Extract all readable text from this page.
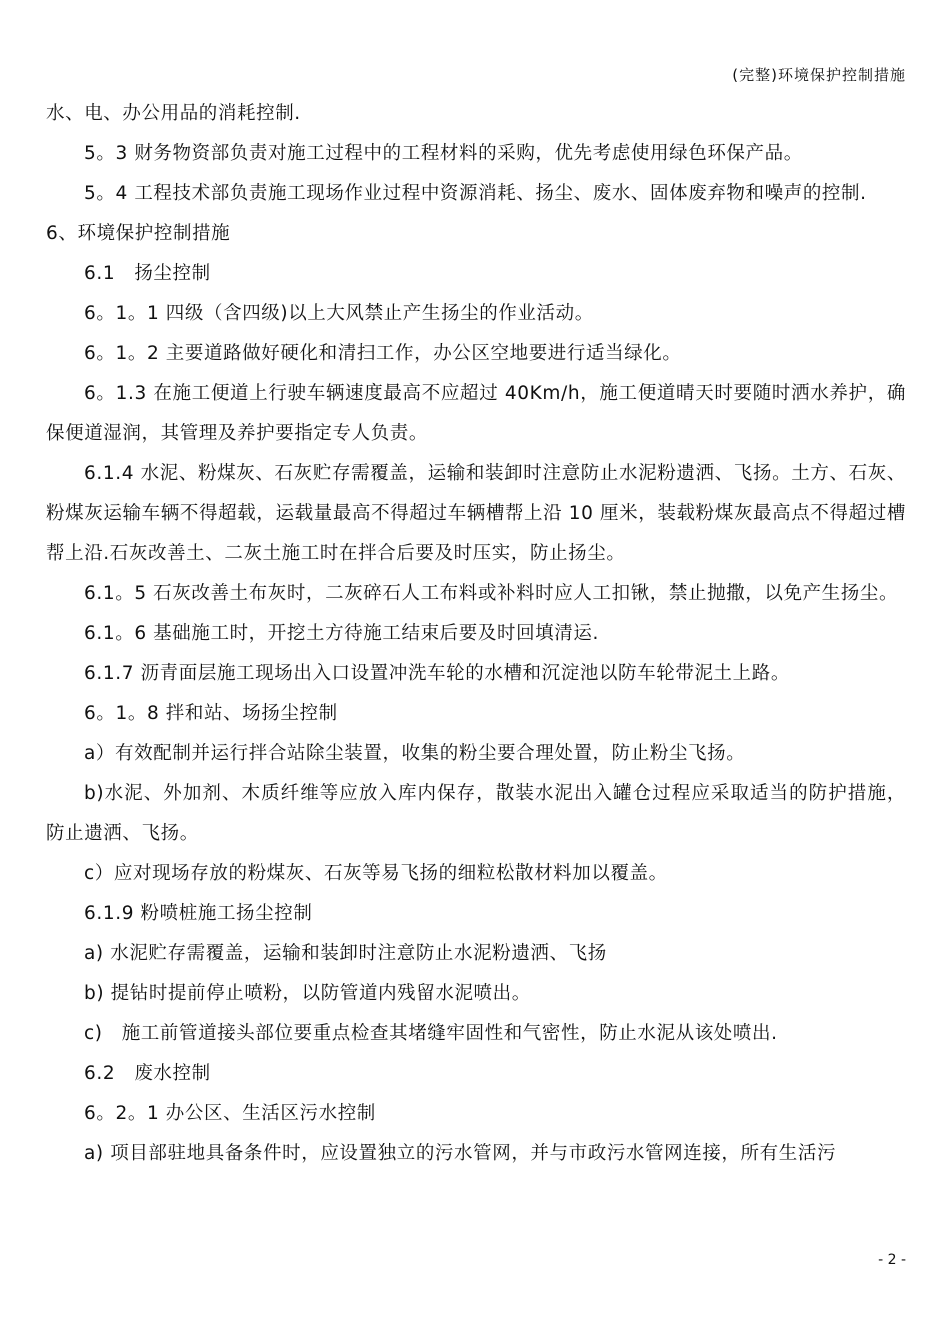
(完整)环境保护控制措施

水、电、办公用品的消耗控制.

5。3 财务物资部负责对施工过程中的工程材料的采购，优先考虑使用绿色环保产品。

5。4 工程技术部负责施工现场作业过程中资源消耗、扬尘、废水、固体废弃物和噪声的控制.

6、环境保护控制措施

6.1　扬尘控制

6。1。1 四级（含四级)以上大风禁止产生扬尘的作业活动。

6。1。2 主要道路做好硬化和清扫工作，办公区空地要进行适当绿化。

6。1.3 在施工便道上行驶车辆速度最高不应超过 40Km/h，施工便道晴天时要随时洒水养护，确保便道湿润，其管理及养护要指定专人负责。

6.1.4 水泥、粉煤灰、石灰贮存需覆盖，运输和装卸时注意防止水泥粉遗洒、飞扬。土方、石灰、粉煤灰运输车辆不得超载，运载量最高不得超过车辆槽帮上沿 10 厘米，装载粉煤灰最高点不得超过槽帮上沿.石灰改善土、二灰土施工时在拌合后要及时压实，防止扬尘。

6.1。5 石灰改善土布灰时，二灰碎石人工布料或补料时应人工扣锹，禁止抛撒，以免产生扬尘。

6.1。6 基础施工时，开挖土方待施工结束后要及时回填清运.

6.1.7 沥青面层施工现场出入口设置冲洗车轮的水槽和沉淀池以防车轮带泥土上路。

6。1。8 拌和站、场扬尘控制

a）有效配制并运行拌合站除尘装置，收集的粉尘要合理处置，防止粉尘飞扬。

b)水泥、外加剂、木质纤维等应放入库内保存，散装水泥出入罐仓过程应采取适当的防护措施，防止遗洒、飞扬。

c）应对现场存放的粉煤灰、石灰等易飞扬的细粒松散材料加以覆盖。

6.1.9 粉喷桩施工扬尘控制

a) 水泥贮存需覆盖，运输和装卸时注意防止水泥粉遗洒、飞扬

b) 提钻时提前停止喷粉，以防管道内残留水泥喷出。

c)　施工前管道接头部位要重点检查其堵缝牢固性和气密性，防止水泥从该处喷出.

6.2　废水控制

6。2。1 办公区、生活区污水控制

a) 项目部驻地具备条件时，应设置独立的污水管网，并与市政污水管网连接，所有生活污

- 2 -
